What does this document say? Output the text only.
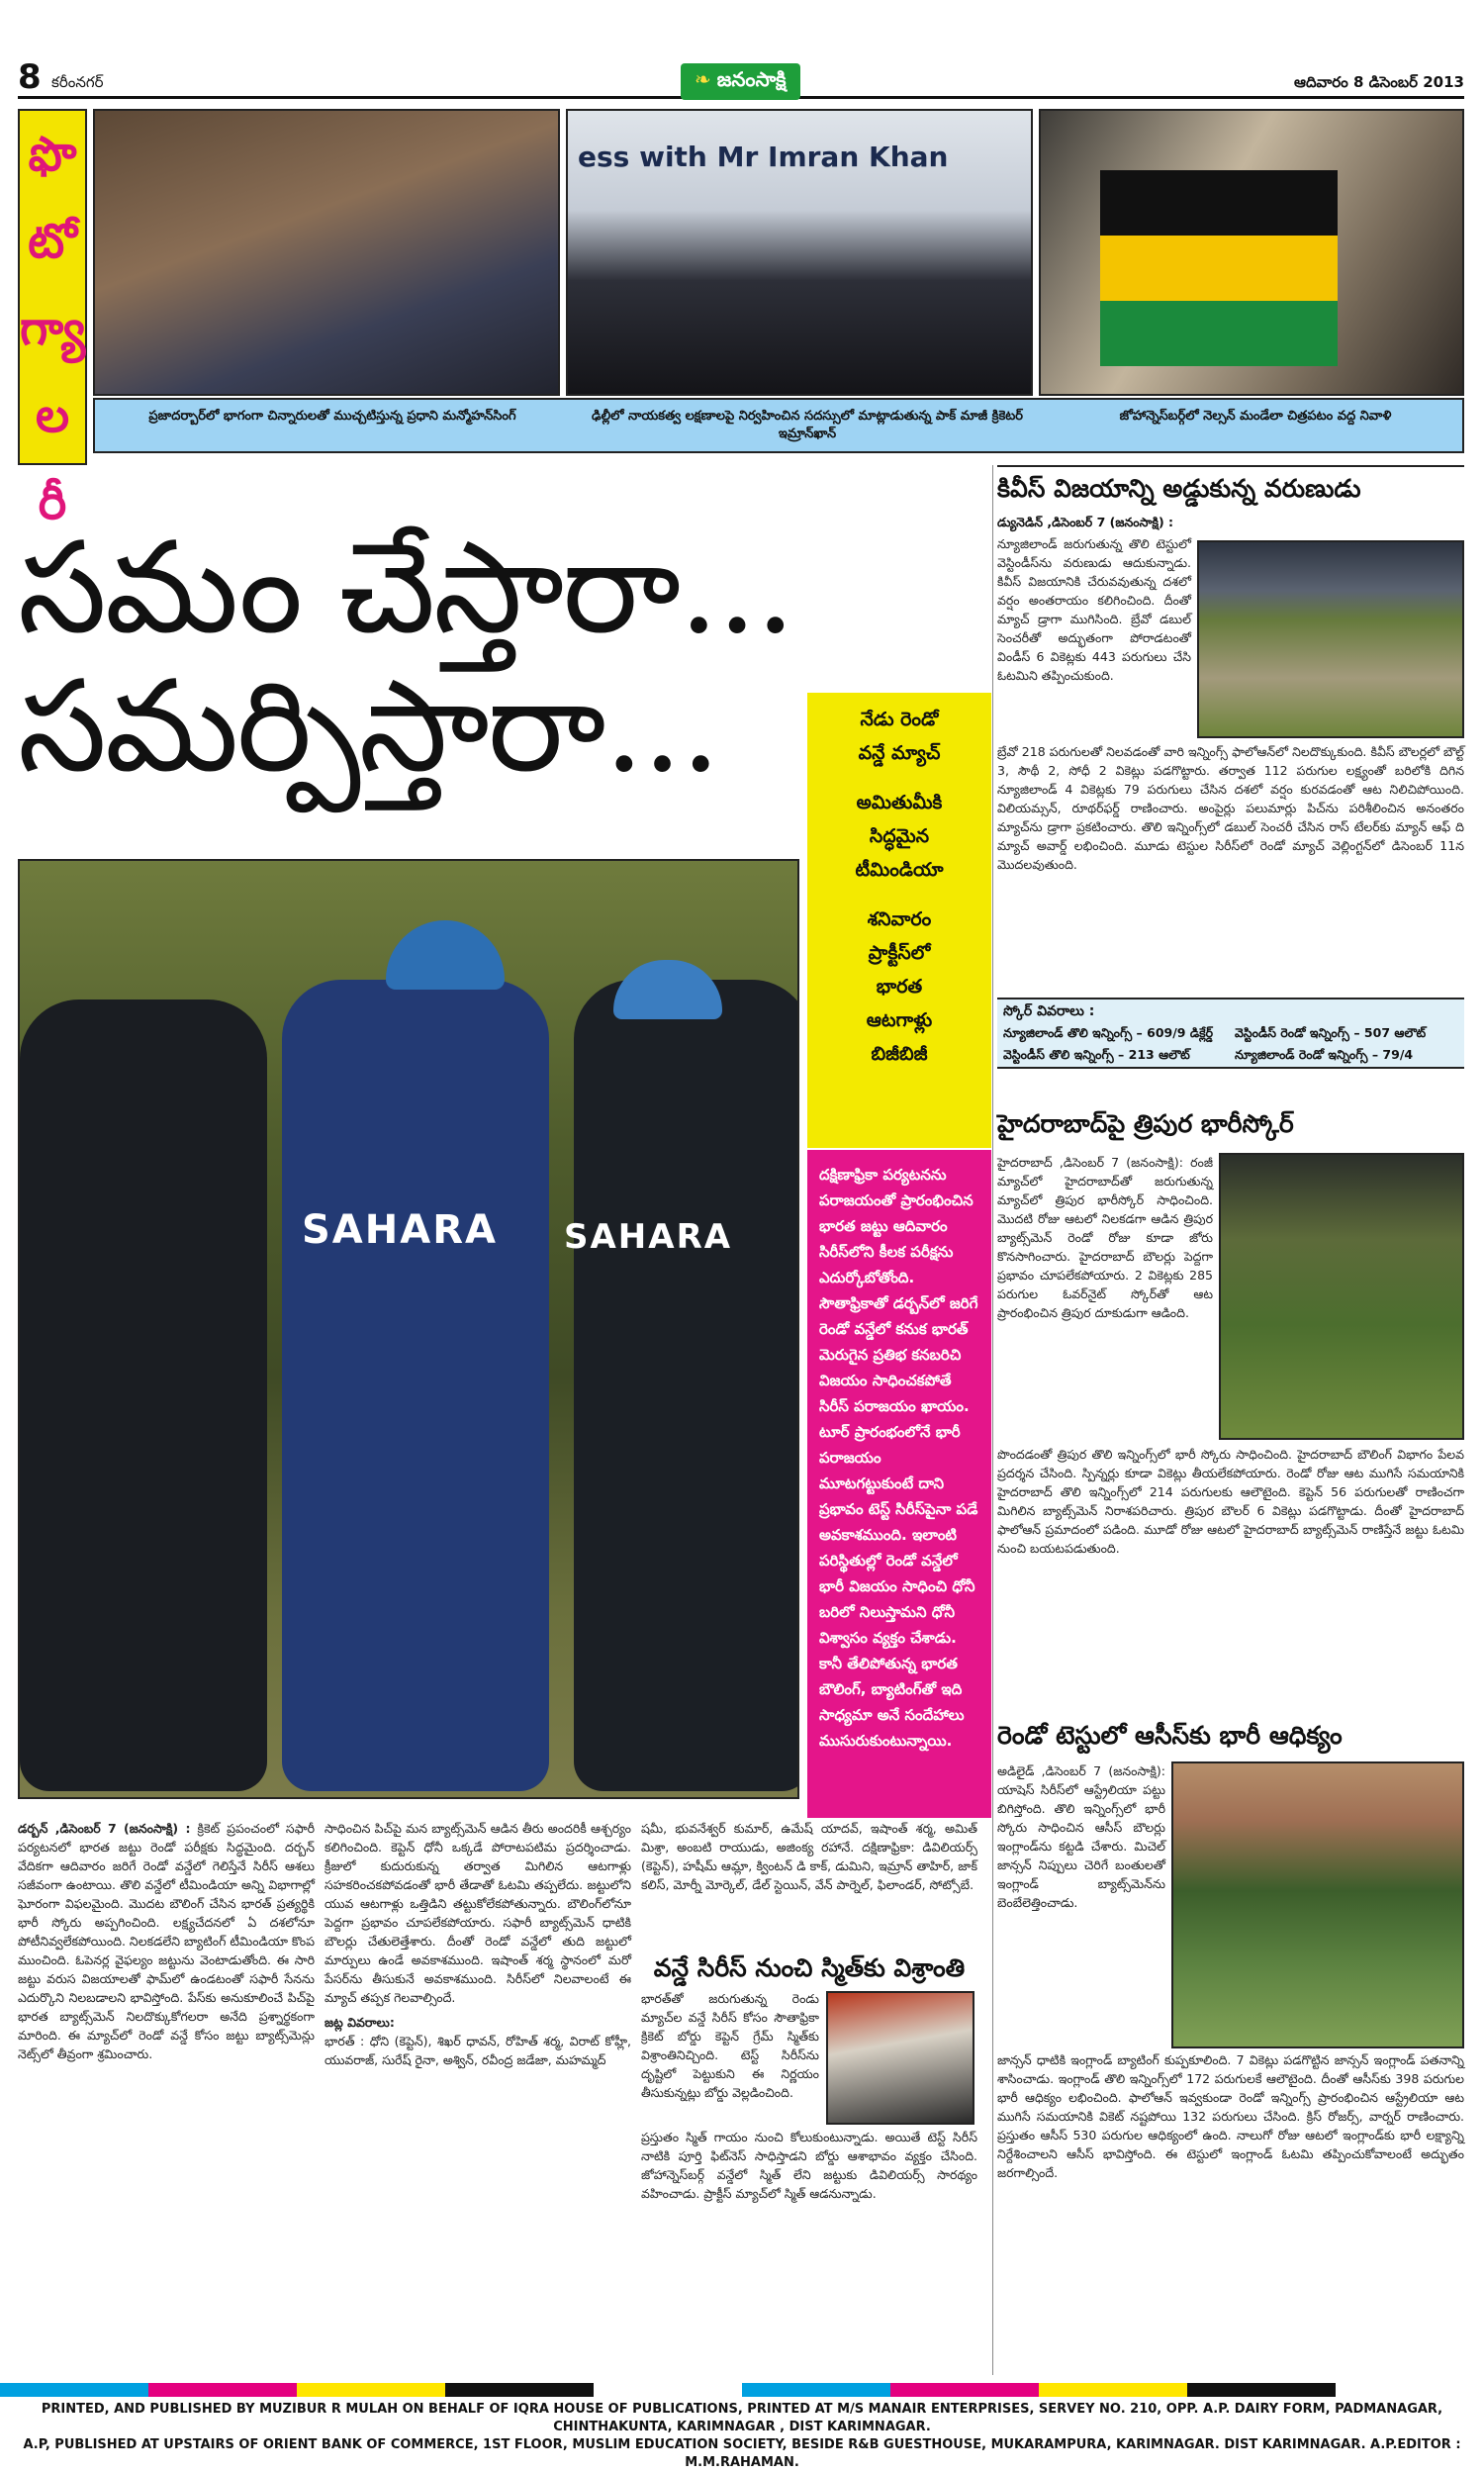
8 కరీంనగర్	❧ జనంసాక్షి	ఆదివారం 8 డిసెంబర్ 2013
ఫొ
టో
గ్యా
ల
రీ
ess with Mr Imran Khan
ప్రజాదర్బార్‌లో భాగంగా చిన్నారులతో ముచ్చటిస్తున్న ప్రధాని మన్మోహన్‌సింగ్	ఢిల్లీలో నాయకత్వ లక్షణాలపై నిర్వహించిన సదస్సులో మాట్లాడుతున్న పాక్ మాజీ క్రికెటర్ ఇమ్రాన్‌ఖాన్
జోహాన్నెస్‌బర్గ్‌లో నెల్సన్ మండేలా చిత్రపటం వద్ద నివాళి
సమం చేస్తారా...
సమర్పిస్తారా...	నేడు రెండో
వన్డే మ్యాచ్
అమితుమీకి
సిద్ధమైన
టీమిండియా
శనివారం
ప్రాక్టీస్‌లో
భారత
ఆటగాళ్లు
బిజీబిజీ

దక్షిణాఫ్రికా పర్యటనను పరాజయంతో ప్రారంభించిన భారత జట్టు ఆదివారం సిరీస్‌లోని కీలక పరీక్షను ఎదుర్కోబోతోంది. సౌతాఫ్రికాతో డర్బన్‌లో జరిగే రెండో వన్డేలో కనుక భారత్ మెరుగైన ప్రతిభ కనబరిచి విజయం సాధించకపోతే సిరీస్ పరాజయం ఖాయం. టూర్ ప్రారంభంలోనే భారీ పరాజయం మూటగట్టుకుంటే దాని ప్రభావం టెస్ట్ సిరీస్‌పైనా పడే అవకాశముంది. ఇలాంటి పరిస్థితుల్లో రెండో వన్డేలో భారీ విజయం సాధించి ధోనీ బరిలో నిలుస్తామని ధోనీ విశ్వాసం వ్యక్తం చేశాడు. కానీ తేలిపోతున్న భారత బౌలింగ్, బ్యాటింగ్‌తో ఇది సాధ్యమా అనే సందేహాలు ముసురుకుంటున్నాయి.

SAHARA SAHARA
డర్బన్ ,డిసెంబర్ 7 (జనంసాక్షి) : క్రికెట్ ప్రపంచంలో సఫారీ పర్యటనలో భారత జట్టు రెండో పరీక్షకు సిద్ధమైంది. దర్బన్ వేదికగా ఆదివారం జరిగే రెండో వన్డేలో గెలిస్తేనే సిరీస్ ఆశలు సజీవంగా ఉంటాయి. తొలి వన్డేలో టీమిండియా అన్ని విభాగాల్లో ఘోరంగా విఫలమైంది. మొదట బౌలింగ్ చేసిన భారత్ ప్రత్యర్థికి భారీ స్కోరు అప్పగించింది. లక్ష్యచేదనలో ఏ దశలోనూ పోటీనివ్వలేకపోయింది. నిలకడలేని బ్యాటింగ్ టీమిండియా కొంప ముంచింది. ఓపెనర్ల వైఫల్యం జట్టును వెంటాడుతోంది. ఈ సారి జట్టు వరుస విజయాలతో ఫామ్‌లో ఉండటంతో సఫారీ సేనను ఎదుర్కొని నిలబడాలని భావిస్తోంది. పేస్‌కు అనుకూలించే పిచ్‌పై భారత బ్యాట్స్‌మెన్ నిలదొక్కుకోగలరా అనేది ప్రశ్నార్థకంగా మారింది. ఈ మ్యాచ్‌లో రెండో వన్డే కోసం జట్టు బ్యాట్స్‌మెన్లు నెట్స్‌లో తీవ్రంగా శ్రమించారు.
సాధించిన పిచ్‌పై మన బ్యాట్స్‌మెన్ ఆడిన తీరు అందరికీ ఆశ్చర్యం కలిగించింది. కెప్టెన్ ధోనీ ఒక్కడే పోరాటపటిమ ప్రదర్శించాడు. క్రీజులో కుదురుకున్న తర్వాత మిగిలిన ఆటగాళ్లు సహకరించకపోవడంతో భారీ తేడాతో ఓటమి తప్పలేదు. జట్టులోని యువ ఆటగాళ్లు ఒత్తిడిని తట్టుకోలేకపోతున్నారు. బౌలింగ్‌లోనూ పెద్దగా ప్రభావం చూపలేకపోయారు. సఫారీ బ్యాట్స్‌మెన్ ధాటికి బౌలర్లు చేతులెత్తేశారు. దీంతో రెండో వన్డేలో తుది జట్టులో మార్పులు ఉండే అవకాశముంది. ఇషాంత్ శర్మ స్థానంలో మరో పేసర్‌ను తీసుకునే అవకాశముంది. సిరీస్‌లో నిలవాలంటే ఈ మ్యాచ్ తప్పక గెలవాల్సిందే.
జట్ల వివరాలు:
భారత్ : ధోని (కెప్టెన్), శిఖర్ ధావన్, రోహిత్ శర్మ, విరాట్ కోహ్లీ, యువరాజ్, సురేష్ రైనా, అశ్విన్, రవీంద్ర జడేజా, మహమ్మద్
షమీ, భువనేశ్వర్ కుమార్, ఉమేష్ యాదవ్, ఇషాంత్ శర్మ, అమిత్ మిశ్రా, అంబటి రాయుడు, అజింక్య రహానే. దక్షిణాఫ్రికా: డివిలియర్స్ (కెప్టెన్), హషీమ్ ఆమ్లా, క్వింటన్ డి కాక్, డుమిని, ఇమ్రాన్ తాహిర్, జాక్ కలిస్, మోర్నీ మోర్కెల్, డేల్ స్టెయిన్, వేన్ పార్నెల్, ఫిలాండర్, సోట్సోబే.
వన్డే సిరీస్ నుంచి స్మిత్‌కు విశ్రాంతి
భారత్‌తో జరుగుతున్న రెండు మ్యాచ్‌ల వన్డే సిరీస్ కోసం సౌతాఫ్రికా క్రికెట్ బోర్డు కెప్టెన్ గ్రేమ్ స్మిత్‌కు విశ్రాంతినిచ్చింది. టెస్ట్ సిరీస్‌ను దృష్టిలో పెట్టుకుని ఈ నిర్ణయం తీసుకున్నట్లు బోర్డు వెల్లడించింది.
ప్రస్తుతం స్మిత్ గాయం నుంచి కోలుకుంటున్నాడు. అయితే టెస్ట్ సిరీస్ నాటికి పూర్తి ఫిట్‌నెస్ సాధిస్తాడని బోర్డు ఆశాభావం వ్యక్తం చేసింది. జోహాన్నెస్‌బర్గ్ వన్డేలో స్మిత్ లేని జట్టుకు డివిలియర్స్ సారథ్యం వహించాడు. ప్రాక్టీస్ మ్యాచ్‌లో స్మిత్ ఆడనున్నాడు.
కివీస్ విజయాన్ని అడ్డుకున్న వరుణుడు
డ్యునెడిన్ ,డిసెంబర్ 7 (జనంసాక్షి) :
న్యూజిలాండ్ జరుగుతున్న తొలి టెస్టులో వెస్టిండీస్‌ను వరుణుడు ఆదుకున్నాడు. కివీస్ విజయానికి చేరువవుతున్న దశలో వర్షం అంతరాయం కలిగించింది. దీంతో మ్యాచ్ డ్రాగా ముగిసింది. బ్రేవో డబుల్ సెంచరీతో అద్భుతంగా పోరాడటంతో విండీస్ 6 వికెట్లకు 443 పరుగులు చేసి ఓటమిని తప్పించుకుంది.
బ్రేవో 218 పరుగులతో నిలవడంతో వారి ఇన్నింగ్స్ ఫాలోఆన్‌లో నిలదొక్కుకుంది. కివీస్ బౌలర్లలో బౌల్ట్ 3, సౌథీ 2, సోధీ 2 వికెట్లు పడగొట్టారు. తర్వాత 112 పరుగుల లక్ష్యంతో బరిలోకి దిగిన న్యూజిలాండ్ 4 వికెట్లకు 79 పరుగులు చేసిన దశలో వర్షం కురవడంతో ఆట నిలిచిపోయింది. విలియమ్సన్, రూథర్‌ఫర్డ్ రాణించారు. అంపైర్లు పలుమార్లు పిచ్‌ను పరిశీలించిన అనంతరం మ్యాచ్‌ను డ్రాగా ప్రకటించారు. తొలి ఇన్నింగ్స్‌లో డబుల్ సెంచరీ చేసిన రాస్ టేలర్‌కు మ్యాన్ ఆఫ్ ది మ్యాచ్ అవార్డ్ లభించింది. మూడు టెస్టుల సిరీస్‌లో రెండో మ్యాచ్ వెల్లింగ్టన్‌లో డిసెంబర్ 11న మొదలవుతుంది.
స్కోర్ వివరాలు :
న్యూజిలాండ్ తొలి ఇన్నింగ్స్ – 609/9 డిక్లేర్డ్	వెస్టిండీస్ రెండో ఇన్నింగ్స్ – 507 ఆలౌట్
వెస్టిండీస్ తొలి ఇన్నింగ్స్ – 213 ఆలౌట్	న్యూజిలాండ్ రెండో ఇన్నింగ్స్ – 79/4
హైదరాబాద్‌పై త్రిపుర భారీస్కోర్
హైదరాబాద్ ,డిసెంబర్ 7 (జనంసాక్షి): రంజీ మ్యాచ్‌లో హైదరాబాద్‌తో జరుగుతున్న మ్యాచ్‌లో త్రిపుర భారీస్కోర్ సాధించింది. మొదటి రోజు ఆటలో నిలకడగా ఆడిన త్రిపుర బ్యాట్స్‌మెన్ రెండో రోజు కూడా జోరు కొనసాగించారు. హైదరాబాద్ బౌలర్లు పెద్దగా ప్రభావం చూపలేకపోయారు. 2 వికెట్లకు 285 పరుగుల ఓవర్‌నైట్ స్కోర్‌తో ఆట ప్రారంభించిన త్రిపుర దూకుడుగా ఆడింది.
పొందడంతో త్రిపుర తొలి ఇన్నింగ్స్‌లో భారీ స్కోరు సాధించింది. హైదరాబాద్ బౌలింగ్ విభాగం పేలవ ప్రదర్శన చేసింది. స్పిన్నర్లు కూడా వికెట్లు తీయలేకపోయారు. రెండో రోజు ఆట ముగిసే సమయానికి హైదరాబాద్ తొలి ఇన్నింగ్స్‌లో 214 పరుగులకు ఆలౌటైంది. కెప్టెన్ 56 పరుగులతో రాణించగా మిగిలిన బ్యాట్స్‌మెన్ నిరాశపరిచారు. త్రిపుర బౌలర్ 6 వికెట్లు పడగొట్టాడు. దీంతో హైదరాబాద్ ఫాలోఆన్ ప్రమాదంలో పడింది. మూడో రోజు ఆటలో హైదరాబాద్ బ్యాట్స్‌మెన్ రాణిస్తేనే జట్టు ఓటమి నుంచి బయటపడుతుంది.
రెండో టెస్టులో ఆసీస్‌కు భారీ ఆధిక్యం
అడిలైడ్ ,డిసెంబర్ 7 (జనంసాక్షి): యాషెస్ సిరీస్‌లో ఆస్ట్రేలియా పట్టు బిగిస్తోంది. తొలి ఇన్నింగ్స్‌లో భారీ స్కోరు సాధించిన ఆసీస్ బౌలర్లు ఇంగ్లాండ్‌ను కట్టడి చేశారు. మిచెల్ జాన్సన్ నిప్పులు చెరిగే బంతులతో ఇంగ్లాండ్ బ్యాట్స్‌మెన్‌ను బెంబేలెత్తించాడు.
జాన్సన్ ధాటికి ఇంగ్లాండ్ బ్యాటింగ్ కుప్పకూలింది. 7 వికెట్లు పడగొట్టిన జాన్సన్ ఇంగ్లాండ్ పతనాన్ని శాసించాడు. ఇంగ్లాండ్ తొలి ఇన్నింగ్స్‌లో 172 పరుగులకే ఆలౌటైంది. దీంతో ఆసీస్‌కు 398 పరుగుల భారీ ఆధిక్యం లభించింది. ఫాలోఆన్ ఇవ్వకుండా రెండో ఇన్నింగ్స్ ప్రారంభించిన ఆస్ట్రేలియా ఆట ముగిసే సమయానికి వికెట్ నష్టపోయి 132 పరుగులు చేసింది. క్రిస్ రోజర్స్, వార్నర్ రాణించారు. ప్రస్తుతం ఆసీస్ 530 పరుగుల ఆధిక్యంలో ఉంది. నాలుగో రోజు ఆటలో ఇంగ్లాండ్‌కు భారీ లక్ష్యాన్ని నిర్దేశించాలని ఆసీస్ భావిస్తోంది. ఈ టెస్టులో ఇంగ్లాండ్ ఓటమి తప్పించుకోవాలంటే అద్భుతం జరగాల్సిందే.
PRINTED, AND PUBLISHED BY MUZIBUR R MULAH ON BEHALF OF IQRA HOUSE OF PUBLICATIONS, PRINTED AT M/S MANAIR ENTERPRISES, SERVEY NO. 210, OPP. A.P. DAIRY FORM, PADMANAGAR, CHINTHAKUNTA, KARIMNAGAR , DIST KARIMNAGAR.
A.P, PUBLISHED AT UPSTAIRS OF ORIENT BANK OF COMMERCE, 1ST FLOOR, MUSLIM EDUCATION SOCIETY, BESIDE R&B GUESTHOUSE, MUKARAMPURA, KARIMNAGAR. DIST KARIMNAGAR. A.P.EDITOR : M.M.RAHAMAN.
